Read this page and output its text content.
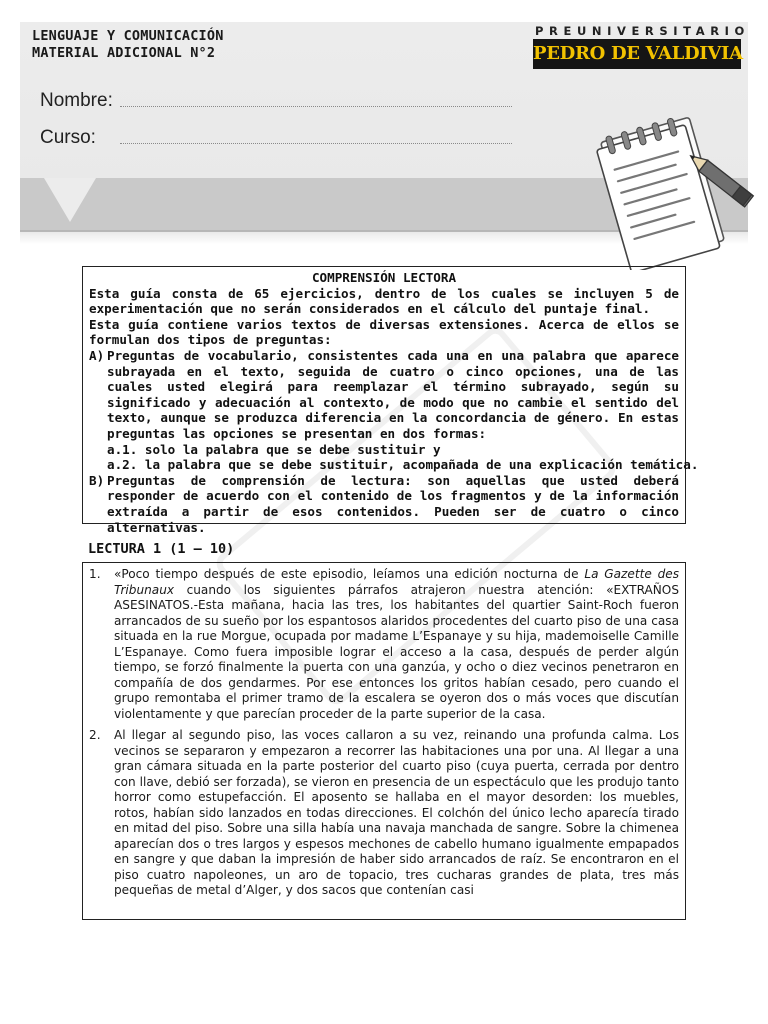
LENGUAJE Y COMUNICACIÓN
MATERIAL ADICIONAL N°2
PREUNIVERSITARIO
PEDRO DE VALDIVIA
Nombre:
Curso:
COMPRENSIÓN LECTORA
Esta guía consta de 65 ejercicios, dentro de los cuales se incluyen 5 de experimentación que no serán considerados en el cálculo del puntaje final.
Esta guía contiene varios textos de diversas extensiones. Acerca de ellos se formulan dos tipos de preguntas:
A) Preguntas de vocabulario, consistentes cada una en una palabra que aparece subrayada en el texto, seguida de cuatro o cinco opciones, una de las cuales usted elegirá para reemplazar el término subrayado, según su significado y adecuación al contexto, de modo que no cambie el sentido del texto, aunque se produzca diferencia en la concordancia de género. En estas preguntas las opciones se presentan en dos formas:
a.1. solo la palabra que se debe sustituir y
a.2. la palabra que se debe sustituir, acompañada de una explicación temática.
B) Preguntas de comprensión de lectura: son aquellas que usted deberá responder de acuerdo con el contenido de los fragmentos y de la información extraída a partir de esos contenidos. Pueden ser de cuatro o cinco alternativas.
LECTURA 1 (1 – 10)
1.	«Poco tiempo después de este episodio, leíamos una edición nocturna de La Gazette des Tribunaux cuando los siguientes párrafos atrajeron nuestra atención: «EXTRAÑOS ASESINATOS.-Esta mañana, hacia las tres, los habitantes del quartier Saint-Roch fueron arrancados de su sueño por los espantosos alaridos procedentes del cuarto piso de una casa situada en la rue Morgue, ocupada por madame L’Espanaye y su hija, mademoiselle Camille L’Espanaye. Como fuera imposible lograr el acceso a la casa, después de perder algún tiempo, se forzó finalmente la puerta con una ganzúa, y ocho o diez vecinos penetraron en compañía de dos gendarmes. Por ese entonces los gritos habían cesado, pero cuando el grupo remontaba el primer tramo de la escalera se oyeron dos o más voces que discutían violentamente y que parecían proceder de la parte superior de la casa.
2.	Al llegar al segundo piso, las voces callaron a su vez, reinando una profunda calma. Los vecinos se separaron y empezaron a recorrer las habitaciones una por una. Al llegar a una gran cámara situada en la parte posterior del cuarto piso (cuya puerta, cerrada por dentro con llave, debió ser forzada), se vieron en presencia de un espectáculo que les produjo tanto horror como estupefacción. El aposento se hallaba en el mayor desorden: los muebles, rotos, habían sido lanzados en todas direcciones. El colchón del único lecho aparecía tirado en mitad del piso. Sobre una silla había una navaja manchada de sangre. Sobre la chimenea aparecían dos o tres largos y espesos mechones de cabello humano igualmente empapados en sangre y que daban la impresión de haber sido arrancados de raíz. Se encontraron en el piso cuatro napoleones, un aro de topacio, tres cucharas grandes de plata, tres más pequeñas de metal d’Alger, y dos sacos que contenían casi
